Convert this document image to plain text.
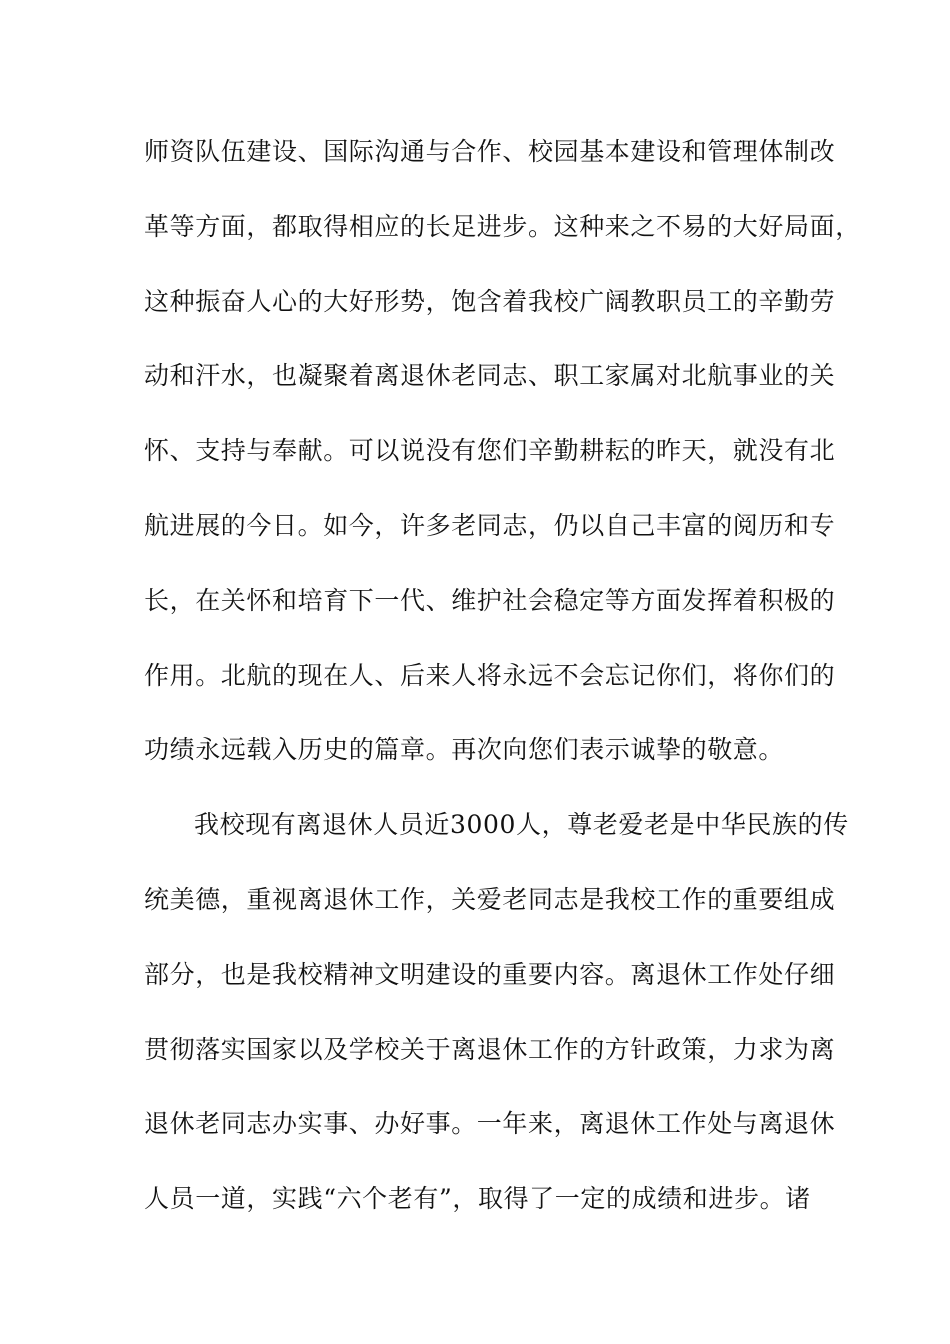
师资队伍建设、国际沟通与合作、校园基本建设和管理体制改
革等方面，都取得相应的长足进步。这种来之不易的大好局面，
这种振奋人心的大好形势，饱含着我校广阔教职员工的辛勤劳
动和汗水，也凝聚着离退休老同志、职工家属对北航事业的关
怀、支持与奉献。可以说没有您们辛勤耕耘的昨天，就没有北
航进展的今日。如今，许多老同志，仍以自己丰富的阅历和专
长，在关怀和培育下一代、维护社会稳定等方面发挥着积极的
作用。北航的现在人、后来人将永远不会忘记你们，将你们的
功绩永远载入历史的篇章。再次向您们表示诚挚的敬意。
我校现有离退休人员近3000人，尊老爱老是中华民族的传
统美德，重视离退休工作，关爱老同志是我校工作的重要组成
部分，也是我校精神文明建设的重要内容。离退休工作处仔细
贯彻落实国家以及学校关于离退休工作的方针政策，力求为离
退休老同志办实事、办好事。一年来，离退休工作处与离退休
人员一道，实践“六个老有”，取得了一定的成绩和进步。诸
